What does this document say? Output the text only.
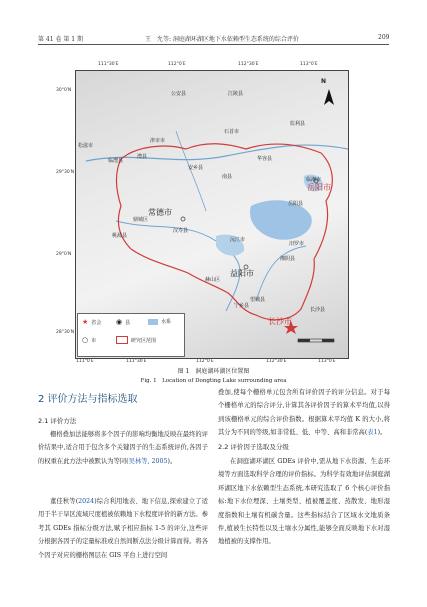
第 41 卷 第 1 期	王　允等: 洞庭湖环湖区地下水依赖型生态系统的综合评价	209
111°30′E	112°0′E	112°30′E	113°0′E
111°0′E	111°30′E	112°0′E	112°30′E	113°0′E
30°0′N
29°30′N
29°0′N
28°30′N
N
公安县	江陵县
石首市
监利县
津市市
澧县
临澧县
安乡县
南县
华容县
岳阳县
鼎城区
汉寿县
沅江市
汨罗市
桃源县
湘阴县
赫山区
望城县
宁乡县
长沙县
临湘市
松滋市
常德市
岳阳市
益阳市
长沙市
★ 省会 ◉ 县	水系
○ 市	研究区范围
图 1　洞庭湖环湖区位置图
Fig. 1　Location of Dongting Lake surrounding area
2 评价方法与指标选取
2.1 评价方法
栅格叠加法能够将多个因子的影响均衡地反映在最终的评价结果中,适合用于包含多个关键因子的生态系统评价,各因子的权重在此方法中被默认为等同(吴林等, 2005)。
董佳秋等(2024)综合利用地表、地下信息,探索建立了适用于半干旱区流域尺度植被依赖地下水程度评价的新方法。参考其 GDEs 指标分级方法,赋予相应指标 1-5 的评分,这些评分根据各因子的定量标准或自然间断点法分级计算而得。将各个因子对应的栅格图层在 GIS 平台上进行空间
叠加,使每个栅格单元包含所有评价因子的评分信息。对于每个栅格单元的综合评分,计算其各评价因子的算术平均值,以得到该栅格单元的综合评价指数。根据算术平均值 K 的大小,将其分为不同的等级,如非常低、低、中等、高和非常高(表1)。
2.2 评价因子选取及分级
在洞庭湖环湖区 GDEs 评价中,需从地下水资源、生态环境等方面选取科学合理的评价指标。为科学有效地评估洞庭湖环湖区地下水依赖型生态系统,本研究选取了 6 个核心评价指标:地下水位埋深、土壤类型、植被覆盖度、蒸散发、地形湿度指数和土壤有机碳含量。这些指标结合了区域水文地质条件,植被生长特性以及土壤水分属性,能够全面反映地下水对湿地植被的支撑作用。
